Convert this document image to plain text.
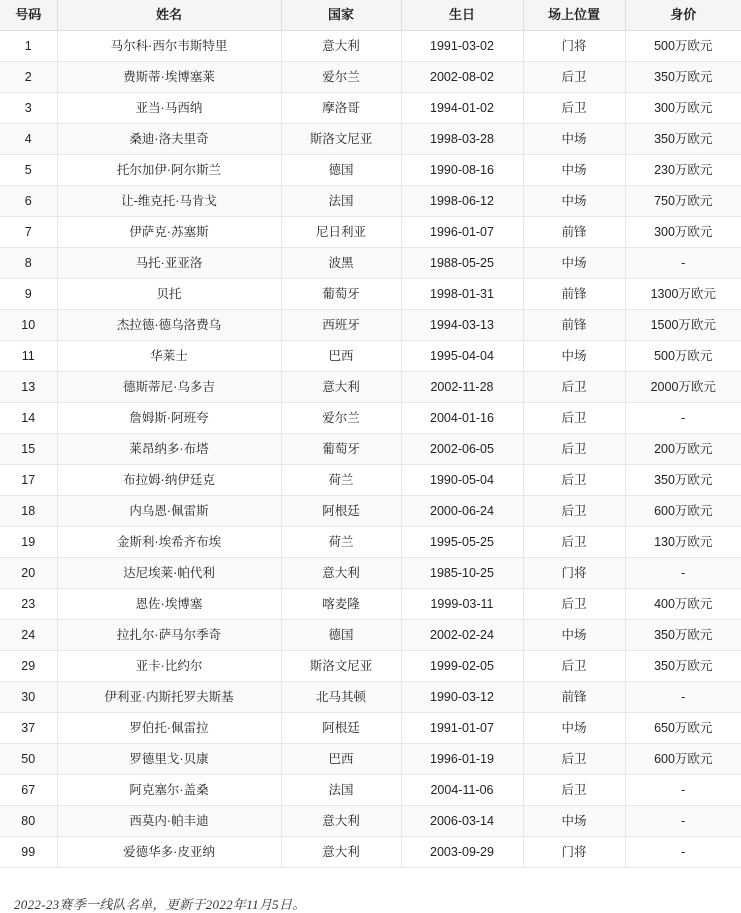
号码	姓名	国家	生日	场上位置	身价
1	马尔科·西尔韦斯特里	意大利	1991-03-02	门将	500万欧元
2	费斯蒂·埃博塞莱	爱尔兰	2002-08-02	后卫	350万欧元
3	亚当·马西纳	摩洛哥	1994-01-02	后卫	300万欧元
4	桑迪·洛夫里奇	斯洛文尼亚	1998-03-28	中场	350万欧元
5	托尔加伊·阿尔斯兰	德国	1990-08-16	中场	230万欧元
6	让-维克托·马肯戈	法国	1998-06-12	中场	750万欧元
7	伊萨克·苏塞斯	尼日利亚	1996-01-07	前锋	300万欧元
8	马托·亚亚洛	波黑	1988-05-25	中场	-
9	贝托	葡萄牙	1998-01-31	前锋	1300万欧元
10	杰拉德·德乌洛费乌	西班牙	1994-03-13	前锋	1500万欧元
11	华莱士	巴西	1995-04-04	中场	500万欧元
13	德斯蒂尼·乌多吉	意大利	2002-11-28	后卫	2000万欧元
14	詹姆斯·阿班夸	爱尔兰	2004-01-16	后卫	-
15	莱昂纳多·布塔	葡萄牙	2002-06-05	后卫	200万欧元
17	布拉姆·纳伊廷克	荷兰	1990-05-04	后卫	350万欧元
18	内乌恩·佩雷斯	阿根廷	2000-06-24	后卫	600万欧元
19	金斯利·埃希齐布埃	荷兰	1995-05-25	后卫	130万欧元
20	达尼埃莱·帕代利	意大利	1985-10-25	门将	-
23	恩佐·埃博塞	喀麦隆	1999-03-11	后卫	400万欧元
24	拉扎尔·萨马尔季奇	德国	2002-02-24	中场	350万欧元
29	亚卡·比约尔	斯洛文尼亚	1999-02-05	后卫	350万欧元
30	伊利亚·内斯托罗夫斯基	北马其顿	1990-03-12	前锋	-
37	罗伯托·佩雷拉	阿根廷	1991-01-07	中场	650万欧元
50	罗德里戈·贝康	巴西	1996-01-19	后卫	600万欧元
67	阿克塞尔·盖桑	法国	2004-11-06	后卫	-
80	西莫内·帕丰迪	意大利	2006-03-14	中场	-
99	爱德华多·皮亚纳	意大利	2003-09-29	门将	-
2022-23赛季一线队名单，更新于2022年11月5日。
